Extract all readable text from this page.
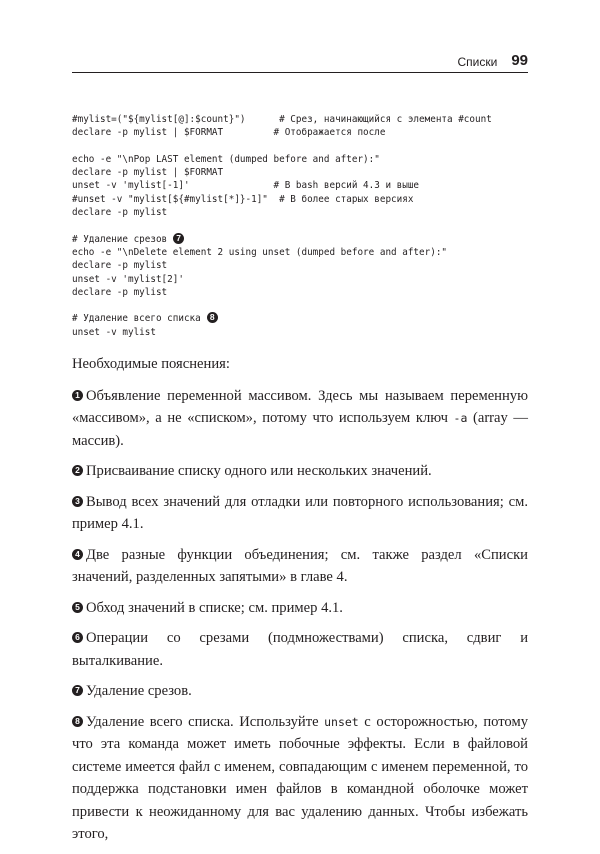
Списки 99
#mylist=("${mylist[@]:$count}")      # Срез, начинающийся с элемента #count
declare -p mylist | $FORMAT         # Отображается после
echo -e "\nPop LAST element (dumped before and after):"
declare -p mylist | $FORMAT
unset -v 'mylist[-1]'               # В bash версий 4.3 и выше
#unset -v "mylist[${#mylist[*]}-1]"  # В более старых версиях
declare -p mylist
# Удаление срезов 7
echo -e "\nDelete element 2 using unset (dumped before and after):"
declare -p mylist
unset -v 'mylist[2]'
declare -p mylist
# Удаление всего списка 8
unset -v mylist

Необходимые пояснения:

1 Объявление переменной массивом. Здесь мы называем переменную «массивом», а не «списком», потому что используем ключ -a (array — массив).

2 Присваивание списку одного или нескольких значений.

3 Вывод всех значений для отладки или повторного использования; см. пример 4.1.

4 Две разные функции объединения; см. также раздел «Списки значений, разделенных запятыми» в главе 4.

5 Обход значений в списке; см. пример 4.1.

6 Операции со срезами (подмножествами) списка, сдвиг и выталкивание.

7 Удаление срезов.

8 Удаление всего списка. Используйте unset с осторожностью, потому что эта команда может иметь побочные эффекты. Если в файловой системе имеется файл с именем, совпадающим с именем переменной, то поддержка подстановки имен файлов в командной оболочке может привести к неожиданному для вас удалению данных. Чтобы избежать этого,
